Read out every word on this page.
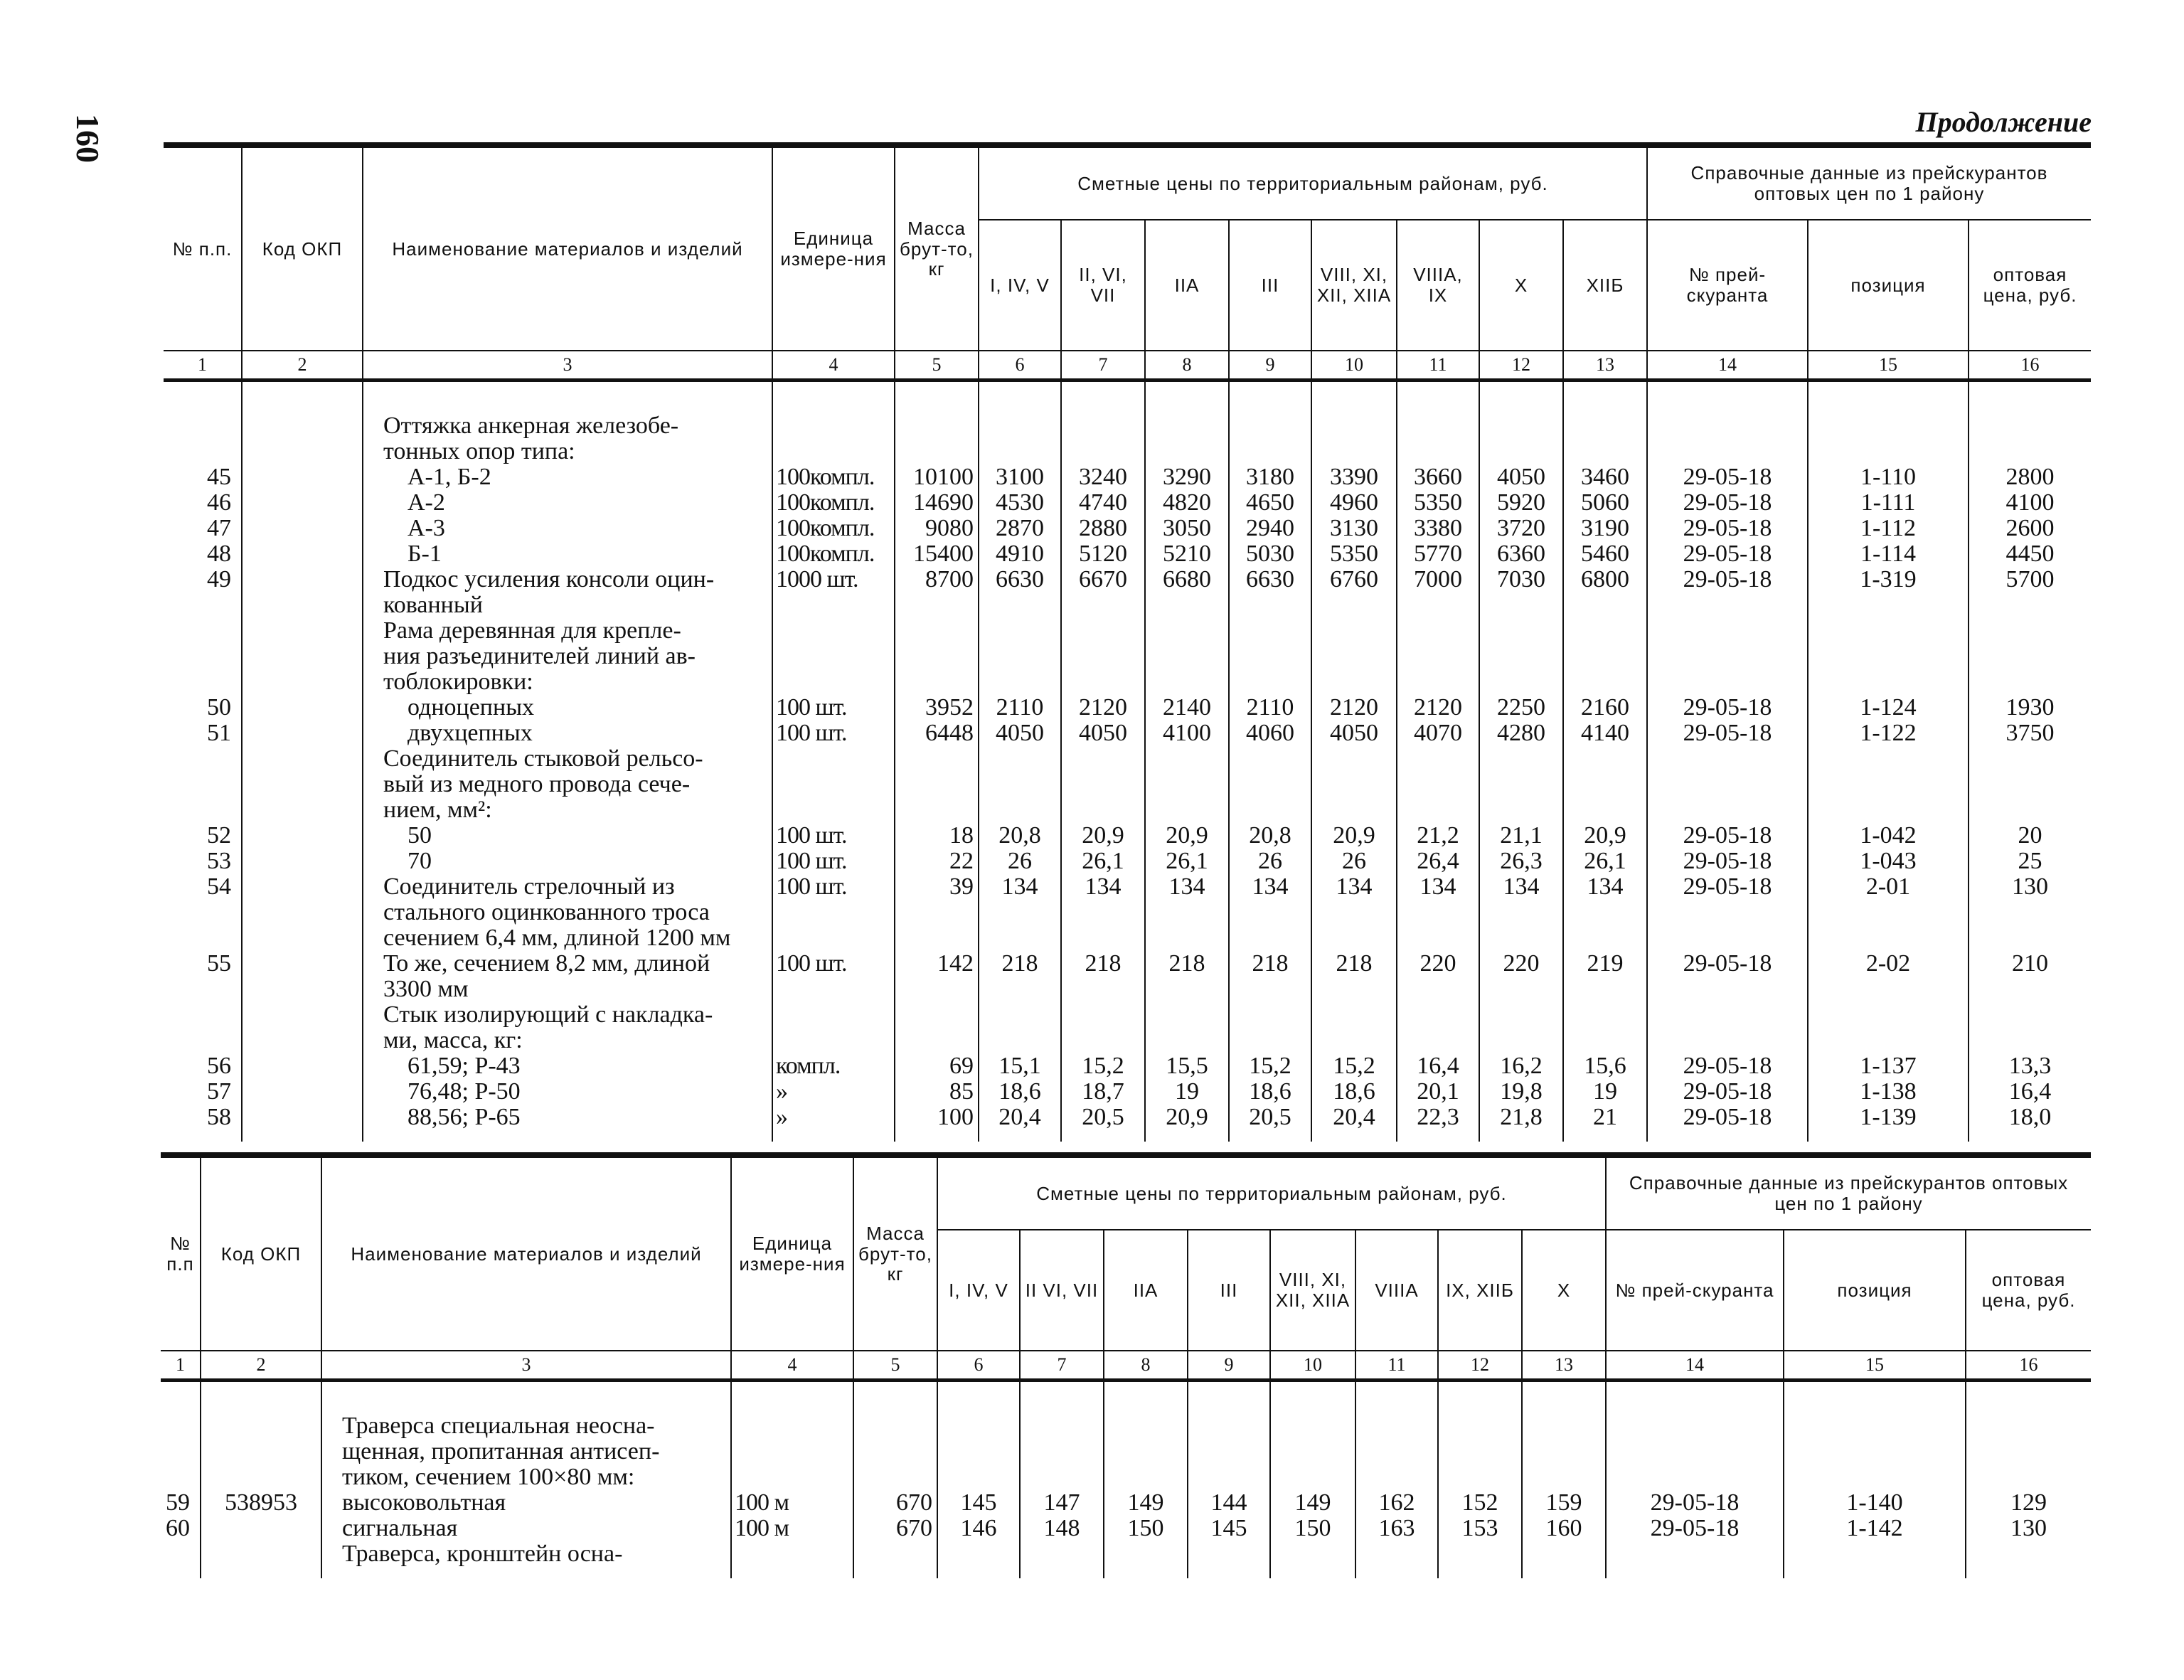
160	Продолжение
№ п.п.	Код ОКП	Наименование материалов и изделий	Единица измере-ния	Масса брут-то, кг	Сметные цены по территориальным районам, руб.								Справочные данные из прейскурантов оптовых цен по 1 району		
					I, IV, V	II, VI, VII	IIА	III	VIII, XI, XII, XIIА	VIIIА, IX	X	XIIБ	№ прей-скуранта	позиция	оптовая цена, руб.
1	2	3	4	5	6	7	8	9	10	11	12	13	14	15	16

		Оттяжка анкерная железобе-													
		тонных опор типа:													
45		А-1, Б-2	100компл.	10100	3100	3240	3290	3180	3390	3660	4050	3460	29-05-18	1-110	2800
46		А-2	100компл.	14690	4530	4740	4820	4650	4960	5350	5920	5060	29-05-18	1-111	4100
47		А-3	100компл.	9080	2870	2880	3050	2940	3130	3380	3720	3190	29-05-18	1-112	2600
48		Б-1	100компл.	15400	4910	5120	5210	5030	5350	5770	6360	5460	29-05-18	1-114	4450
49		Подкос усиления консоли оцин-	1000 шт.	8700	6630	6670	6680	6630	6760	7000	7030	6800	29-05-18	1-319	5700
		кованный													
		Рама деревянная для крепле-													
		ния разъединителей линий ав-													
		тоблокировки:													
50		одноцепных	100 шт.	3952	2110	2120	2140	2110	2120	2120	2250	2160	29-05-18	1-124	1930
51		двухцепных	100 шт.	6448	4050	4050	4100	4060	4050	4070	4280	4140	29-05-18	1-122	3750
		Соединитель стыковой рельсо-													
		вый из медного провода сече-													
		нием, мм²:													
52		50	100 шт.	18	20,8	20,9	20,9	20,8	20,9	21,2	21,1	20,9	29-05-18	1-042	20
53		70	100 шт.	22	26	26,1	26,1	26	26	26,4	26,3	26,1	29-05-18	1-043	25
54		Соединитель стрелочный из	100 шт.	39	134	134	134	134	134	134	134	134	29-05-18	2-01	130
		стального оцинкованного троса													
		сечением 6,4 мм, длиной 1200 мм													
55		То же, сечением 8,2 мм, длиной	100 шт.	142	218	218	218	218	218	220	220	219	29-05-18	2-02	210
		3300 мм													
		Стык изолирующий с накладка-													
		ми, масса, кг:													
56		61,59; Р-43	компл.	69	15,1	15,2	15,5	15,2	15,2	16,4	16,2	15,6	29-05-18	1-137	13,3
57		76,48; Р-50	»	85	18,6	18,7	19	18,6	18,6	20,1	19,8	19	29-05-18	1-138	16,4
58		88,56; Р-65	»	100	20,4	20,5	20,9	20,5	20,4	22,3	21,8	21	29-05-18	1-139	18,0

№ п.п	Код ОКП	Наименование материалов и изделий	Единица измере-ния	Масса брут-то, кг	Сметные цены по территориальным районам, руб.								Справочные данные из прейскурантов оптовых цен по 1 району		
					I, IV, V	II VI, VII	IIА	III	VIII, XI, XII, XIIА	VIIIА	IX, XIIБ	X	№ прей-скуранта	позиция	оптовая цена, руб.
1	2	3	4	5	6	7	8	9	10	11	12	13	14	15	16

		Траверса специальная неосна-													
		щенная, пропитанная антисеп-													
		тиком, сечением 100×80 мм:													
59	538953	высоковольтная	100 м	670	145	147	149	144	149	162	152	159	29-05-18	1-140	129
60		сигнальная	100 м	670	146	148	150	145	150	163	153	160	29-05-18	1-142	130
		Траверса, кронштейн осна-													
